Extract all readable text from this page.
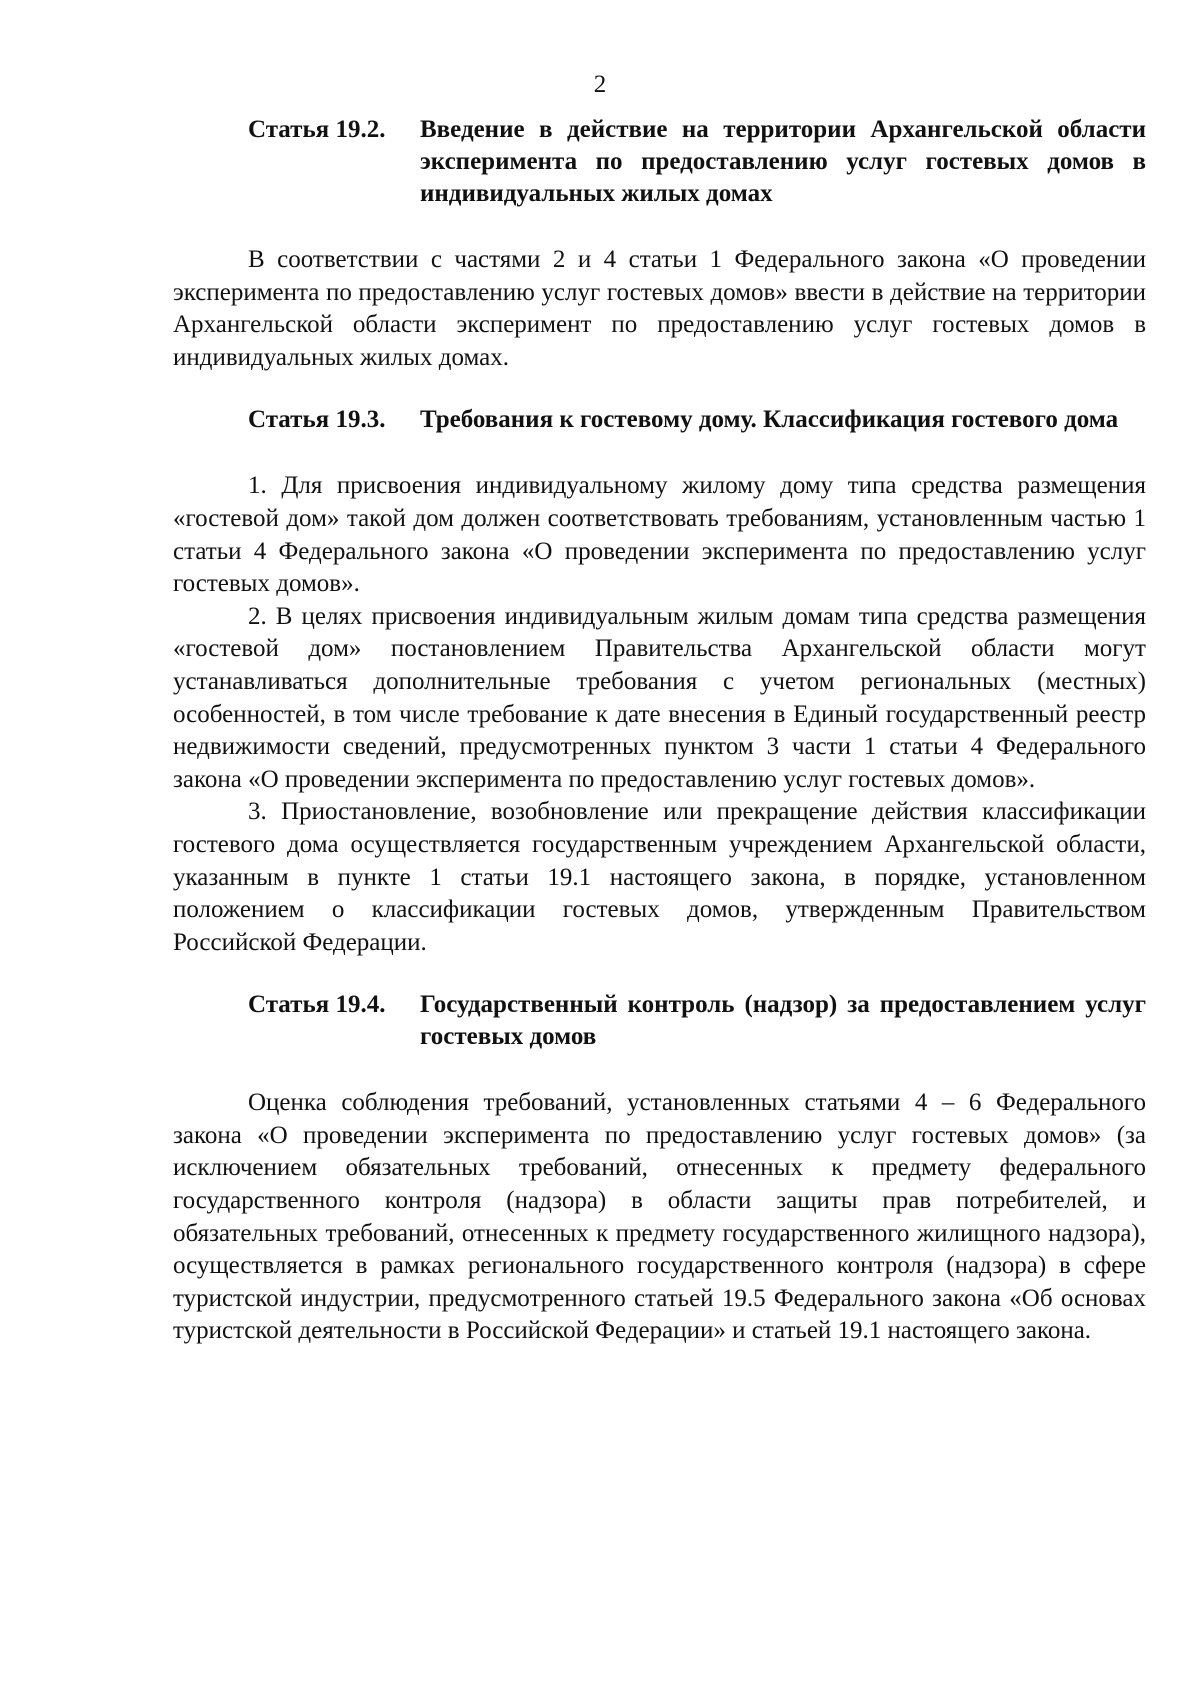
2
Статья 19.2.	Введение в действие на территории Архангельской области эксперимента по предоставлению услуг гостевых домов в индивидуальных жилых домах

В соответствии с частями 2 и 4 статьи 1 Федерального закона «О проведении эксперимента по предоставлению услуг гостевых домов» ввести в действие на территории Архангельской области эксперимент по предоставлению услуг гостевых домов в индивидуальных жилых домах.

Статья 19.3.	Требования к гостевому дому. Классификация гостевого дома

1. Для присвоения индивидуальному жилому дому типа средства размещения «гостевой дом» такой дом должен соответствовать требованиям, установленным частью 1 статьи 4 Федерального закона «О проведении эксперимента по предоставлению услуг гостевых домов».

2. В целях присвоения индивидуальным жилым домам типа средства размещения «гостевой дом» постановлением Правительства Архангельской области могут устанавливаться дополнительные требования с учетом региональных (местных) особенностей, в том числе требование к дате внесения в Единый государственный реестр недвижимости сведений, предусмотренных пунктом 3 части 1 статьи 4 Федерального закона «О проведении эксперимента по предоставлению услуг гостевых домов».

3. Приостановление, возобновление или прекращение действия классификации гостевого дома осуществляется государственным учреждением Архангельской области, указанным в пункте 1 статьи 19.1 настоящего закона, в порядке, установленном положением о классификации гостевых домов, утвержденным Правительством Российской Федерации.

Статья 19.4.	Государственный контроль (надзор) за предоставлением услуг гостевых домов

Оценка соблюдения требований, установленных статьями 4 – 6 Федерального закона «О проведении эксперимента по предоставлению услуг гостевых домов» (за исключением обязательных требований, отнесенных к предмету федерального государственного контроля (надзора) в области защиты прав потребителей, и обязательных требований, отнесенных к предмету государственного жилищного надзора), осуществляется в рамках регионального государственного контроля (надзора) в сфере туристской индустрии, предусмотренного статьей 19.5 Федерального закона «Об основах туристской деятельности в Российской Федерации» и статьей 19.1 настоящего закона.
